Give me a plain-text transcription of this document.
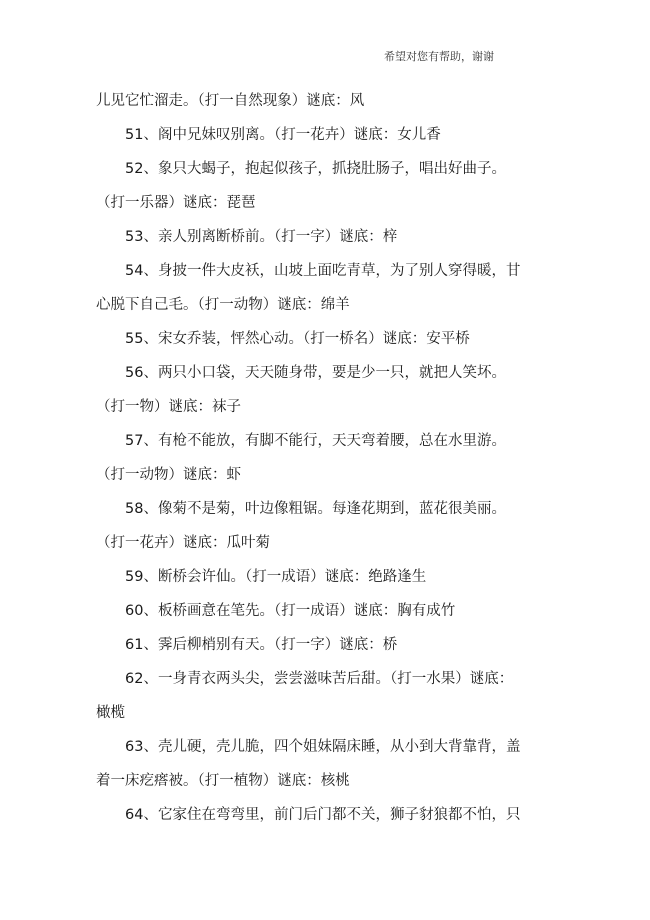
希望对您有帮助，谢谢
儿见它忙溜走。（打一自然现象）谜底：风
51、阁中兄妹叹别离。（打一花卉）谜底：女儿香
52、象只大蝎子，抱起似孩子，抓挠肚肠子，唱出好曲子。
（打一乐器）谜底：琵琶
53、亲人别离断桥前。（打一字）谜底：梓
54、身披一件大皮袄，山坡上面吃青草，为了别人穿得暖，甘
心脱下自己毛。（打一动物）谜底：绵羊
55、宋女乔装，怦然心动。（打一桥名）谜底：安平桥
56、两只小口袋，天天随身带，要是少一只，就把人笑坏。
（打一物）谜底：袜子
57、有枪不能放，有脚不能行，天天弯着腰，总在水里游。
（打一动物）谜底：虾
58、像菊不是菊，叶边像粗锯。每逢花期到，蓝花很美丽。
（打一花卉）谜底：瓜叶菊
59、断桥会许仙。（打一成语）谜底：绝路逢生
60、板桥画意在笔先。（打一成语）谜底：胸有成竹
61、霁后柳梢别有天。（打一字）谜底：桥
62、一身青衣两头尖，尝尝滋味苦后甜。（打一水果）谜底：
橄榄
63、壳儿硬，壳儿脆，四个姐妹隔床睡，从小到大背靠背，盖
着一床疙瘩被。（打一植物）谜底：核桃
64、它家住在弯弯里，前门后门都不关，狮子豺狼都不怕，只
